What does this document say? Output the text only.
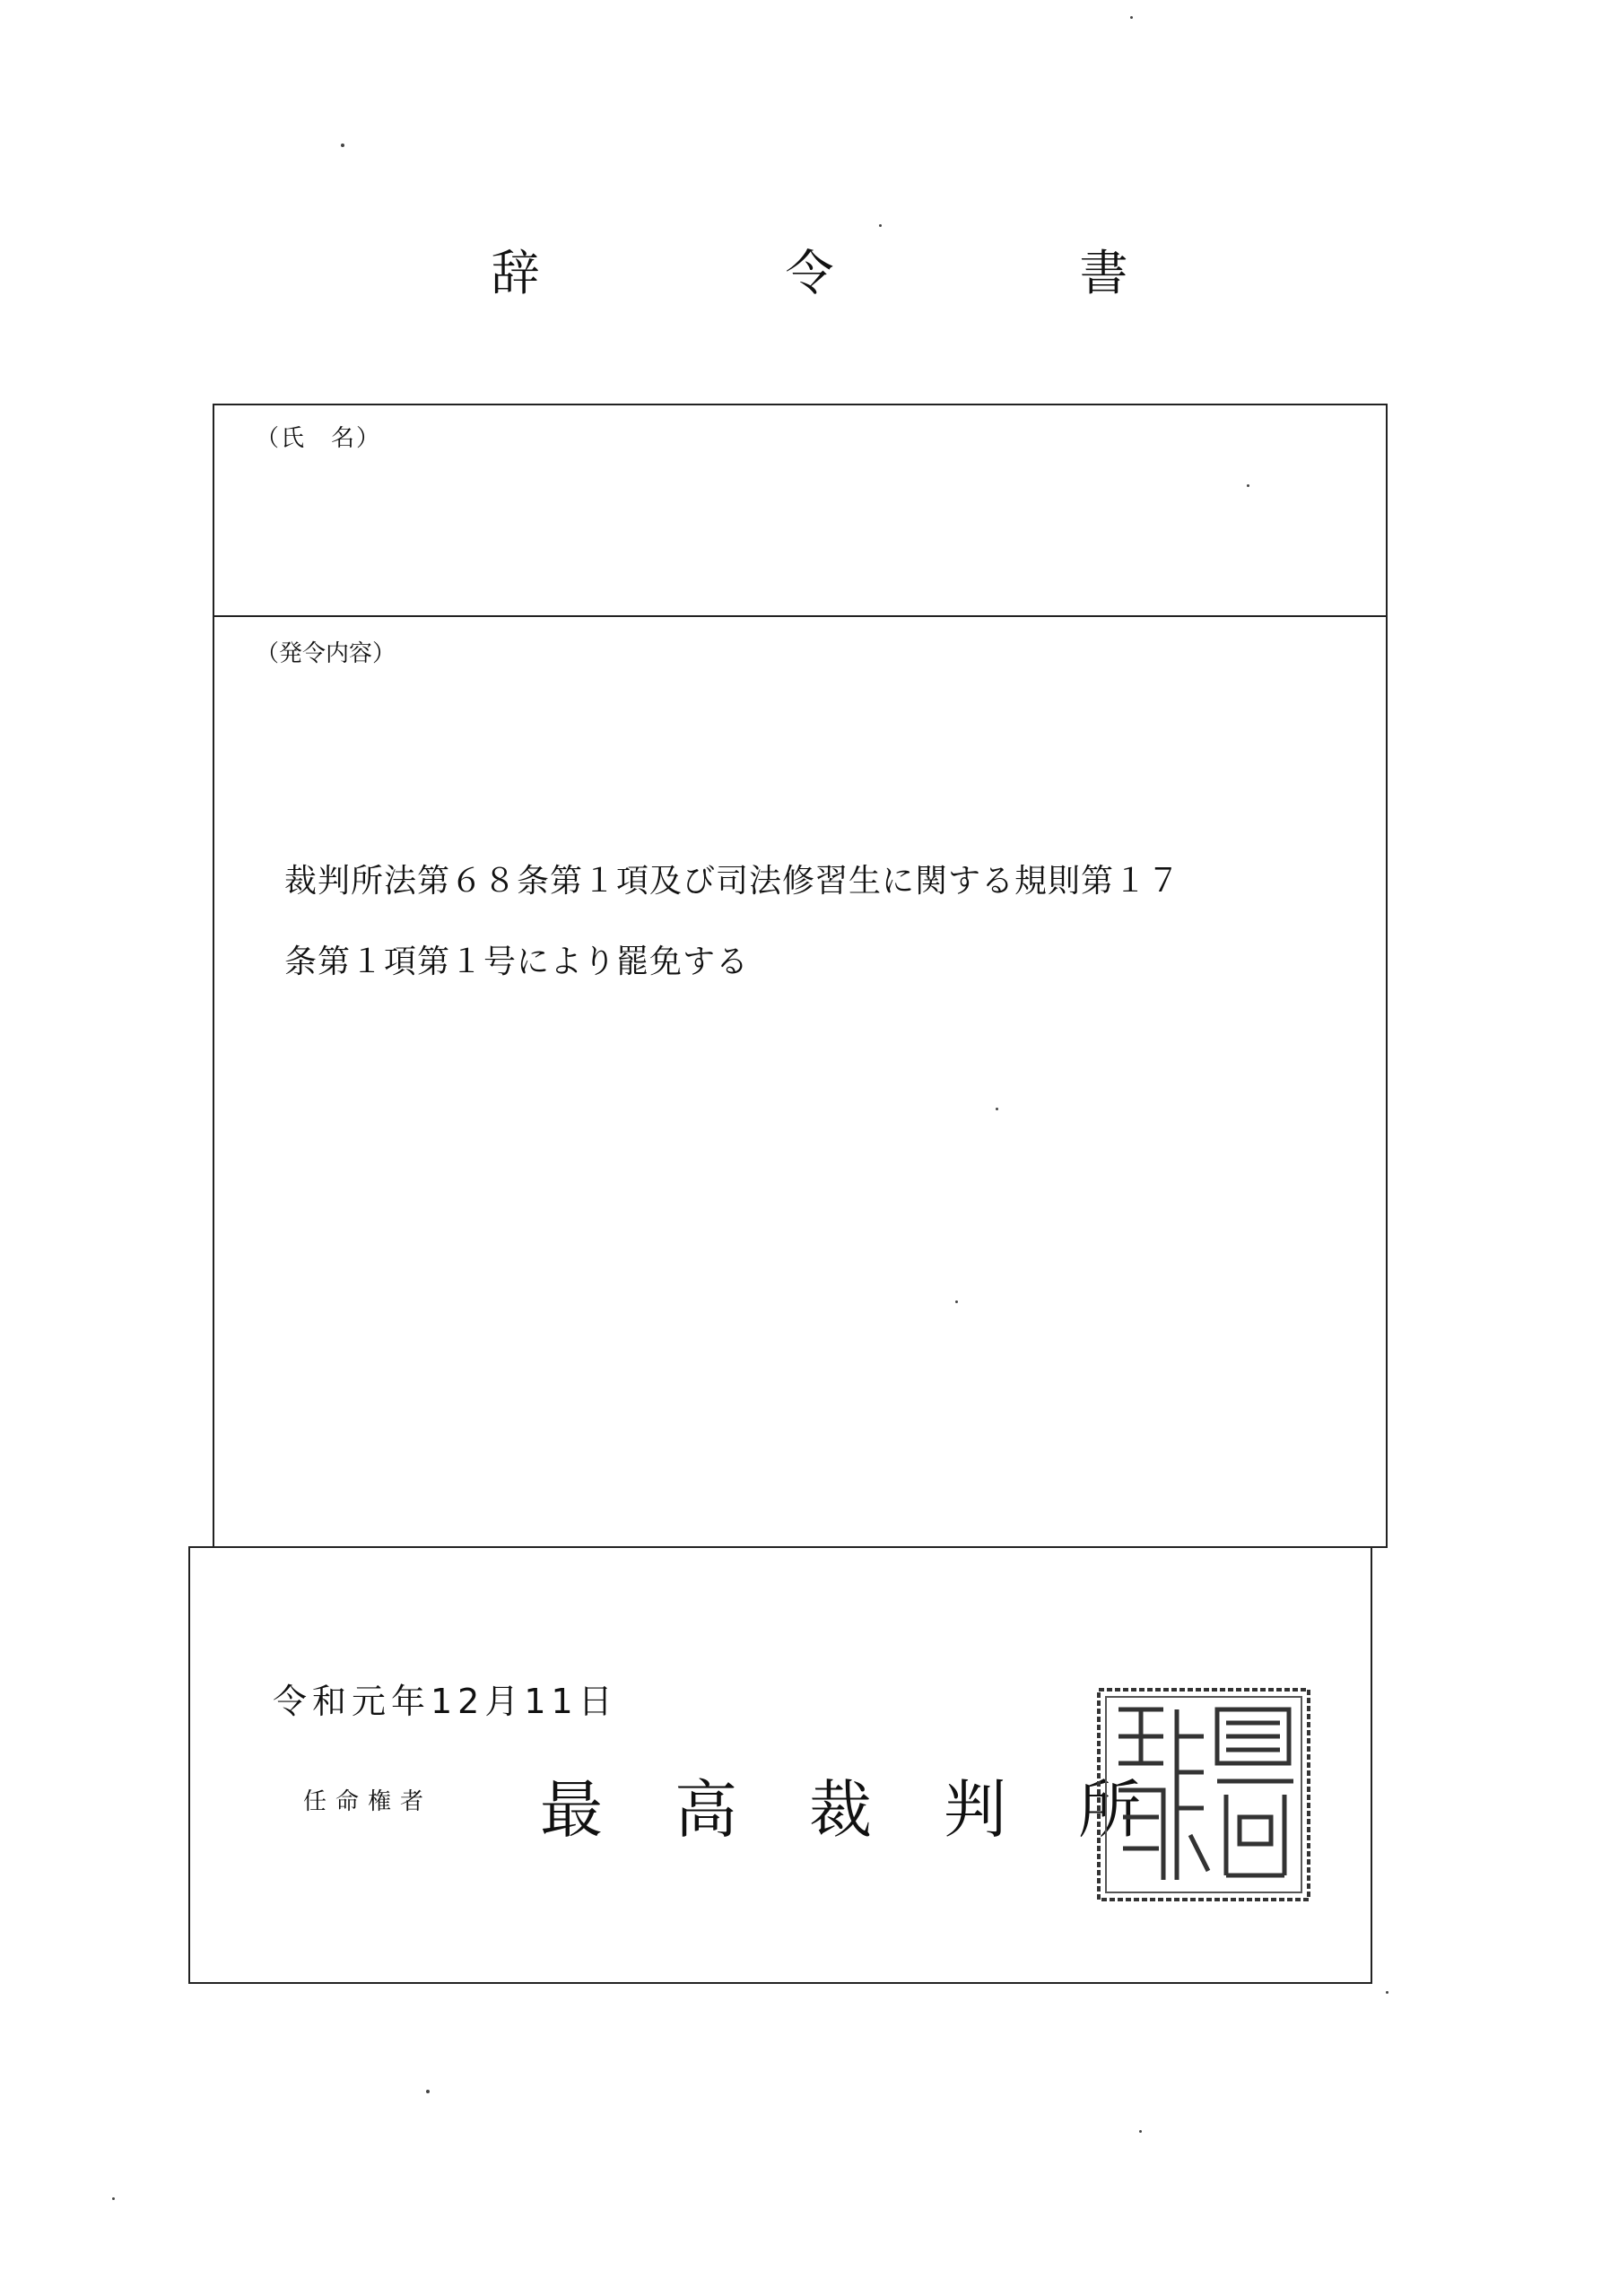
辞　令　書
（氏　名）
（発令内容）
裁判所法第６８条第１項及び司法修習生に関する規則第１７
条第１項第１号により罷免する
令和元年12月11日
任命権者 最高裁判所
